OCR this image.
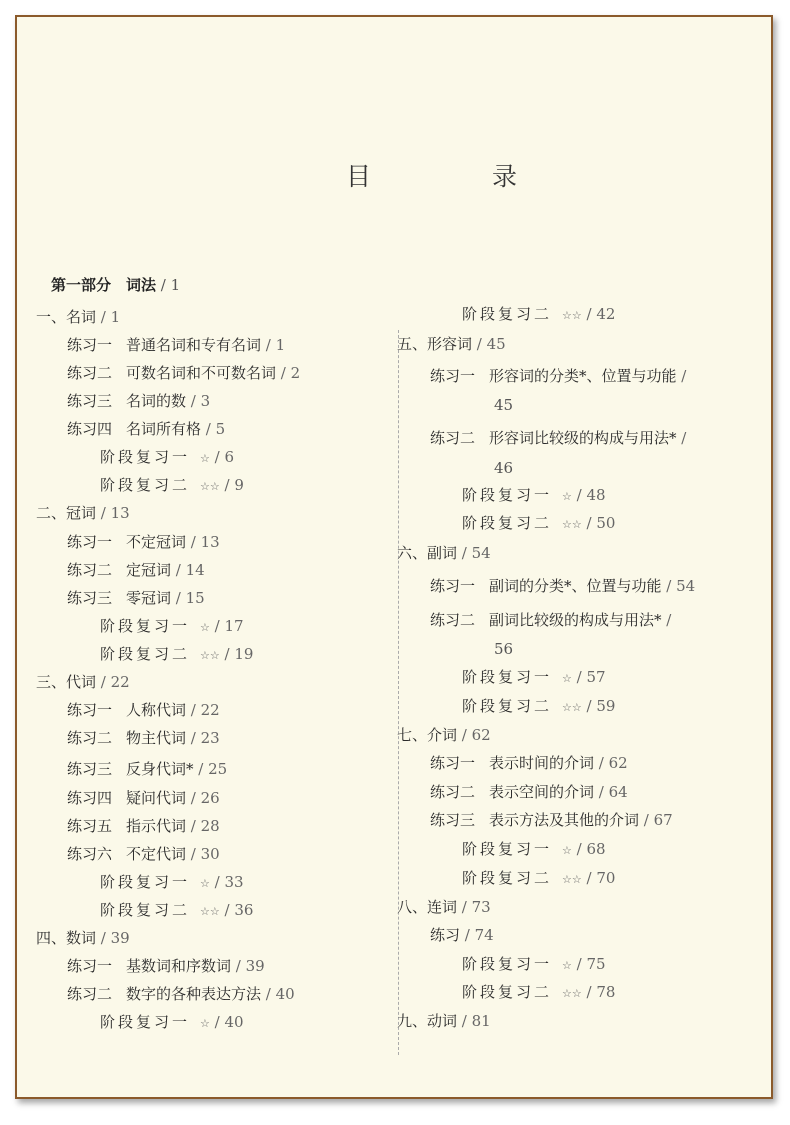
目　录
第一部分　词法 / 1
一、名词 / 1
练习一 普通名词和专有名词 / 1
练习二 可数名词和不可数名词 / 2
练习三 名词的数 / 3
练习四 名词所有格 / 5
阶段复习一 ☆ / 6
阶段复习二 ☆☆ / 9
二、冠词 / 13
练习一 不定冠词 / 13
练习二 定冠词 / 14
练习三 零冠词 / 15
阶段复习一 ☆ / 17
阶段复习二 ☆☆ / 19
三、代词 / 22
练习一 人称代词 / 22
练习二 物主代词 / 23
练习三 反身代词* / 25
练习四 疑问代词 / 26
练习五 指示代词 / 28
练习六 不定代词 / 30
阶段复习一 ☆ / 33
阶段复习二 ☆☆ / 36
四、数词 / 39
练习一 基数词和序数词 / 39
练习二 数字的各种表达方法 / 40
阶段复习一 ☆ / 40
阶段复习二 ☆☆ / 42
五、形容词 / 45
45
练习一 形容词的分类*、位置与功能 /
46
练习二 形容词比较级的构成与用法* /
阶段复习一 ☆ / 48
阶段复习二 ☆☆ / 50
六、副词 / 54
练习一 副词的分类*、位置与功能 / 54
56
练习二 副词比较级的构成与用法* /
阶段复习一 ☆ / 57
阶段复习二 ☆☆ / 59
七、介词 / 62
练习一 表示时间的介词 / 62
练习二 表示空间的介词 / 64
练习三 表示方法及其他的介词 / 67
阶段复习一 ☆ / 68
阶段复习二 ☆☆ / 70
八、连词 / 73
练习 / 74
阶段复习一 ☆ / 75
阶段复习二 ☆☆ / 78
九、动词 / 81
